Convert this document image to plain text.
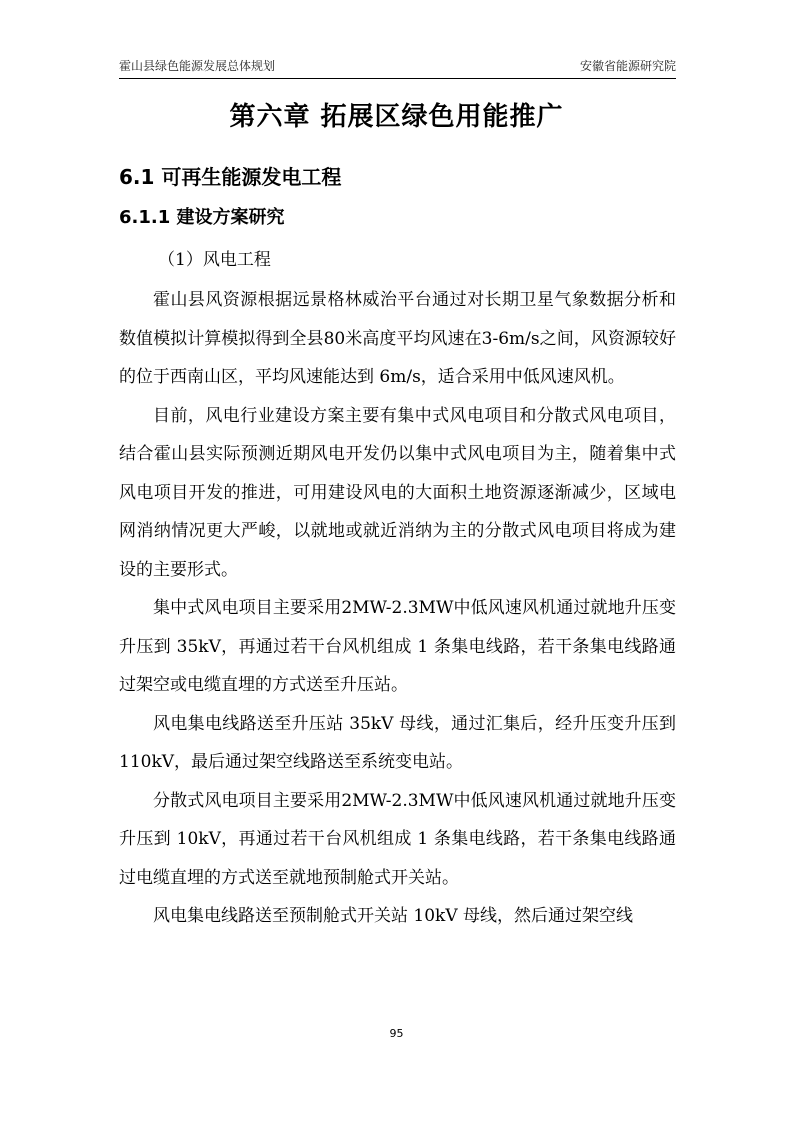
霍山县绿色能源发展总体规划	安徽省能源研究院
第六章 拓展区绿色用能推广
6.1 可再生能源发电工程
6.1.1 建设方案研究
（1）风电工程

霍山县风资源根据远景格林威治平台通过对长期卫星气象数据分析和数值模拟计算模拟得到全县80米高度平均风速在3-6m/s之间，风资源较好的位于西南山区，平均风速能达到 6m/s，适合采用中低风速风机。

目前，风电行业建设方案主要有集中式风电项目和分散式风电项目，结合霍山县实际预测近期风电开发仍以集中式风电项目为主，随着集中式风电项目开发的推进，可用建设风电的大面积土地资源逐渐减少，区域电网消纳情况更大严峻，以就地或就近消纳为主的分散式风电项目将成为建设的主要形式。

集中式风电项目主要采用2MW-2.3MW中低风速风机通过就地升压变升压到 35kV，再通过若干台风机组成 1 条集电线路，若干条集电线路通过架空或电缆直埋的方式送至升压站。

风电集电线路送至升压站 35kV 母线，通过汇集后，经升压变升压到 110kV，最后通过架空线路送至系统变电站。

分散式风电项目主要采用2MW-2.3MW中低风速风机通过就地升压变升压到 10kV，再通过若干台风机组成 1 条集电线路，若干条集电线路通过电缆直埋的方式送至就地预制舱式开关站。

风电集电线路送至预制舱式开关站 10kV 母线，然后通过架空线

95
